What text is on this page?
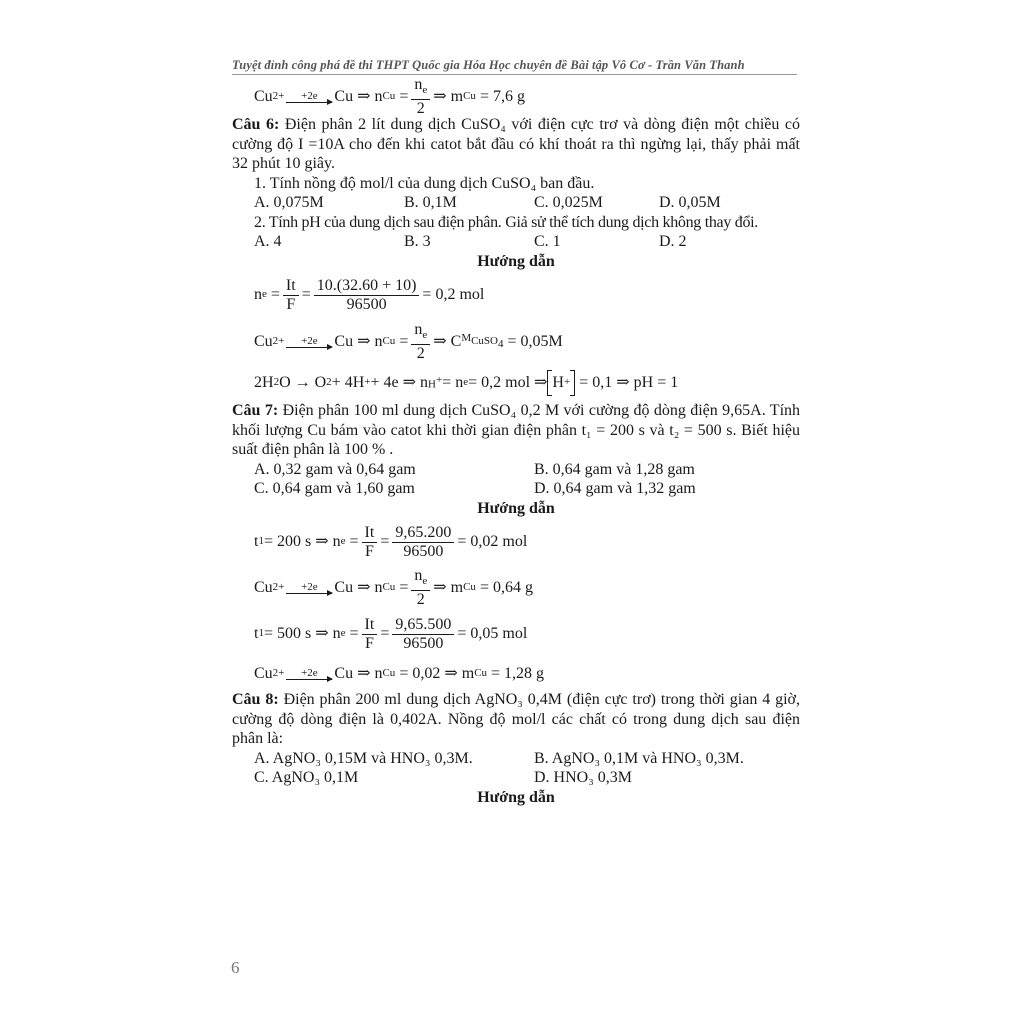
Tuyệt đỉnh công phá đề thi THPT Quốc gia Hóa Học chuyên đề Bài tập Vô Cơ - Trần Văn Thanh
Cu 2+ +2e Cu ⇒ n $Cu = \frac{n_e}{2}$ ⇒ m Cu
= 7,6 g

Câu 6: Điện phân 2 lít dung dịch CuSO₄ với điện cực trơ và dòng điện một chiều có cường độ I =10A cho đến khi catot bắt đầu có khí thoát ra thì ngừng lại, thấy phải mất 32 phút 10 giây.

1. Tính nồng độ mol/l của dung dịch CuSO₄ ban đầu.
A. 0,075M	B. 0,1M	C. 0,025M	D. 0,05M
2. Tính pH của dung dịch sau điện phân. Giả sử thể tích dung dịch không thay đổi.
A. 4	B. 3	C. 1	D. 2
Hướng dẫn
n $e = \frac{It}{F} = \frac{10.(32.60 + 10)}{96500} = 0,2$ mol
Cu 2+ +2e Cu ⇒ n $Cu = \frac{n_e}{2}$ ⇒ C $M_{CuSO_4}$
= 0,05M
2H 2 O → O 2 + 4H + + 4e ⇒ n H+ = n e = 0,2 mol ⇒
H +
= 0,1 ⇒ pH = 1

Câu 7: Điện phân 100 ml dung dịch CuSO₄ 0,2 M với cường độ dòng điện 9,65A. Tính khối lượng Cu bám vào catot khi thời gian điện phân t₁ = 200 s và t₂ = 500 s. Biết hiệu suất điện phân là 100 % .

A. 0,32 gam và 0,64 gam	B. 0,64 gam và 1,28 gam
C. 0,64 gam và 1,60 gam	D. 0,64 gam và 1,32 gam
Hướng dẫn
t 1 = 200 s ⇒ n $e = \frac{It}{F} = \frac{9,65.200}{96500} = 0,02$ mol
Cu 2+ +2e Cu ⇒ n $Cu = \frac{n_e}{2}$ ⇒ m Cu
= 0,64 g
t 1 = 500 s ⇒ n $e = \frac{It}{F} = \frac{9,65.500}{96500} = 0,05$ mol
Cu 2+ +2e Cu ⇒ n Cu = 0,02 ⇒ m Cu
= 1,28 g

Câu 8: Điện phân 200 ml dung dịch AgNO₃ 0,4M (điện cực trơ) trong thời gian 4 giờ, cường độ dòng điện là 0,402A. Nồng độ mol/l các chất có trong dung dịch sau điện phân là:

A. AgNO₃ 0,15M và HNO₃ 0,3M.	B. AgNO₃ 0,1M và HNO₃ 0,3M.
C. AgNO₃ 0,1M	D. HNO₃ 0,3M
Hướng dẫn
6
